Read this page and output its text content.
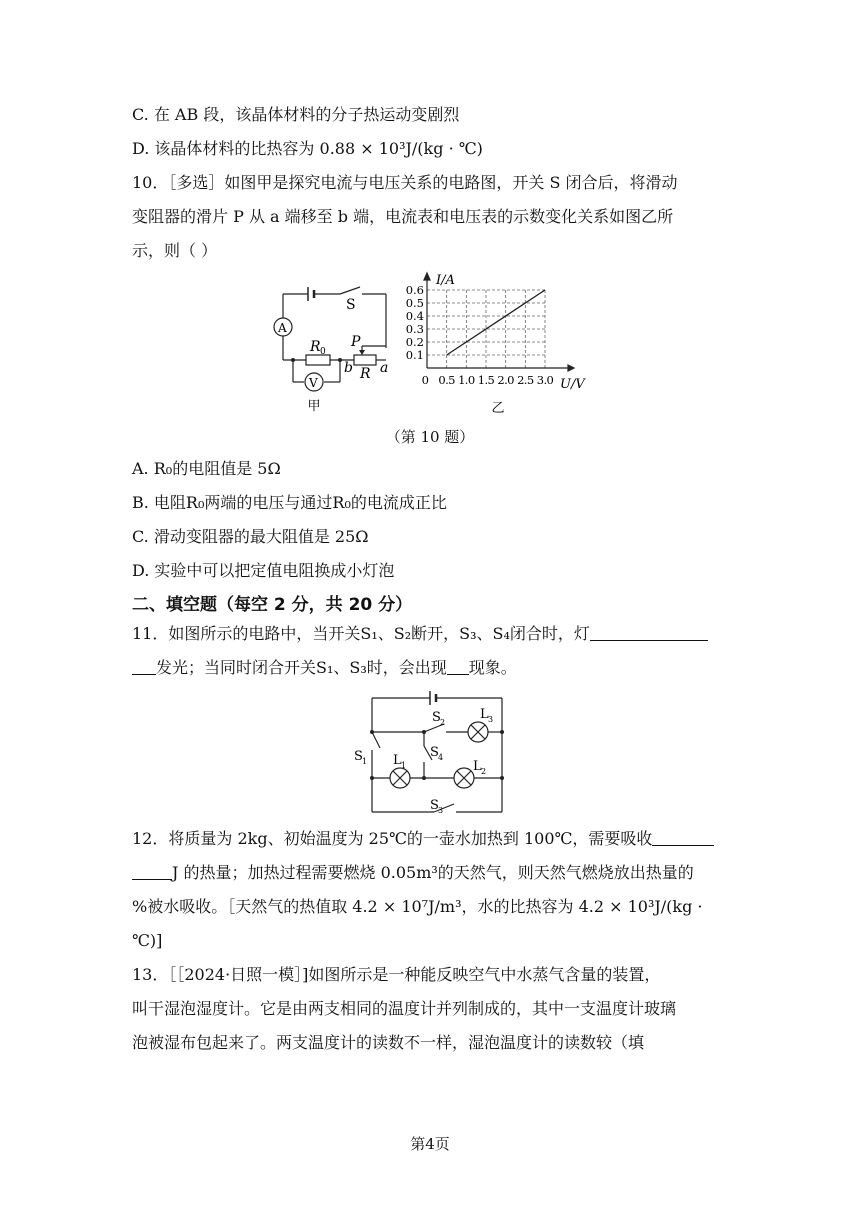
C. 在 AB 段，该晶体材料的分子热运动变剧烈
D. 该晶体材料的比热容为 0.88 × 10³J/(kg · ℃)
10．［多选］如图甲是探究电流与电压关系的电路图，开关 S 闭合后，将滑动
变阻器的滑片 P 从 a 端移至 b 端，电流表和电压表的示数变化关系如图乙所
示，则（ ）
S
A
V
R 0
P
R a
b
甲
0.1
0.2
0.3
0.4
0.5
0.6
0 0.5 1.0 1.5 2.0 2.5 3.0
I/A
U/V
乙
（第 10 题）
A. R₀的电阻值是 5Ω
B. 电阻R₀两端的电压与通过R₀的电流成正比
C. 滑动变阻器的最大阻值是 25Ω
D. 实验中可以把定值电阻换成小灯泡
二、填空题（每空 2 分，共 20 分）
11．如图所示的电路中，当开关S₁、S₂断开，S₃、S₄闭合时，灯
发光；当同时闭合开关S₁、S₃时，会出现 现象。
S 1
S 2
S 3
S 4
L 1	L 2
L 3
12．将质量为 2kg、初始温度为 25℃的一壶水加热到 100℃，需要吸收
J 的热量；加热过程需要燃烧 0.05m³的天然气，则天然气燃烧放出热量的
%被水吸收。［天然气的热值取 4.2 × 10⁷J/m³，水的比热容为 4.2 × 10³J/(kg ·
℃)]
13．［［2024·日照一模］]如图所示是一种能反映空气中水蒸气含量的装置，
叫干湿泡湿度计。它是由两支相同的温度计并列制成的，其中一支温度计玻璃
泡被湿布包起来了。两支温度计的读数不一样，湿泡温度计的读数较（填
第4页
